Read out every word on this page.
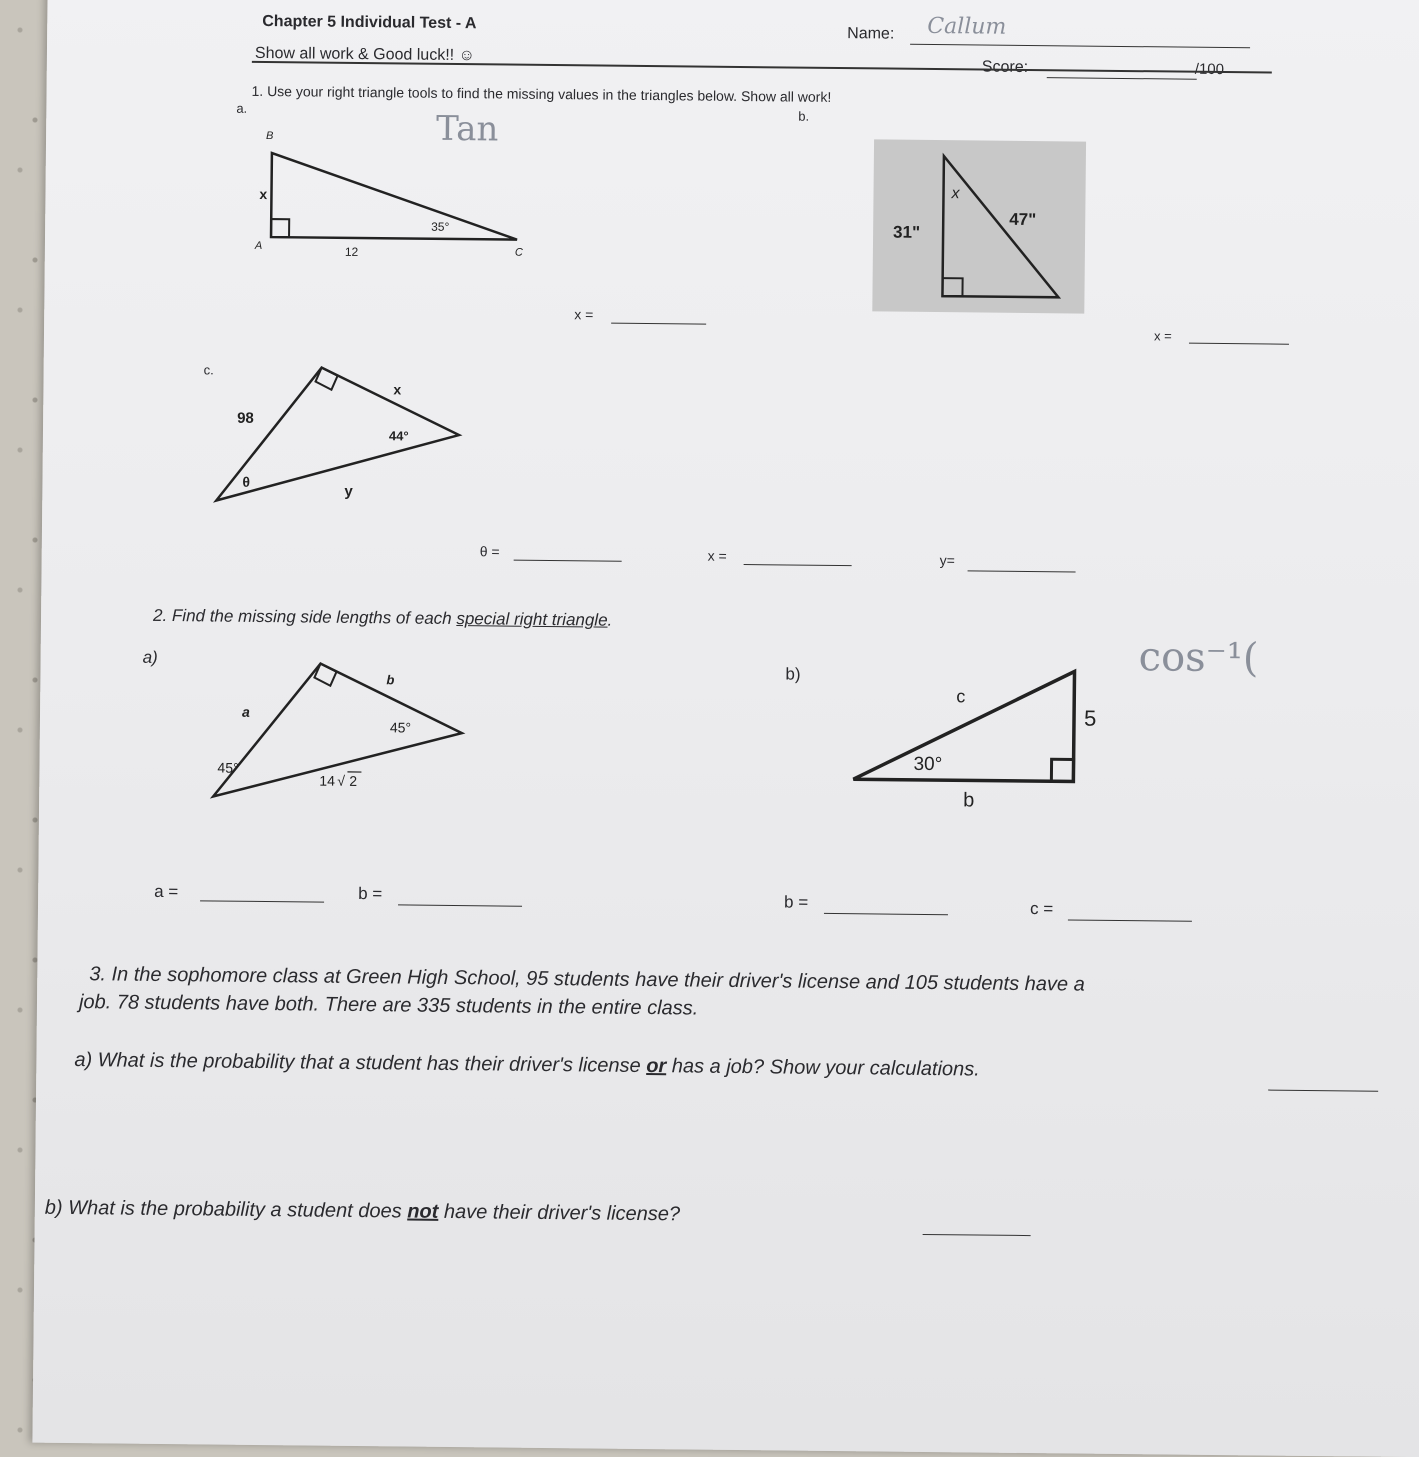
Chapter 5 Individual Test - A
Name: Callum
Show all work & Good luck!! ☺
Score:	/100
1. Use your right triangle tools to find the missing values in the triangles below. Show all work!
a.
b.
B
x
35°
A	12	C
Tan
x =
x
31"
47"
x =
c.
98
x
44°
θ
y
θ =	x =	y=
2. Find the missing side lengths of each special right triangle.
a)
a
b
45°
45°
14 √ 2
a =	b =
b)
c
5
30°
b
cos⁻¹(
b =	c =
3. In the sophomore class at Green High School, 95 students have their driver's license and 105 students have a
job. 78 students have both. There are 335 students in the entire class.
a) What is the probability that a student has their driver's license or has a job? Show your calculations.
b) What is the probability a student does not have their driver's license?
